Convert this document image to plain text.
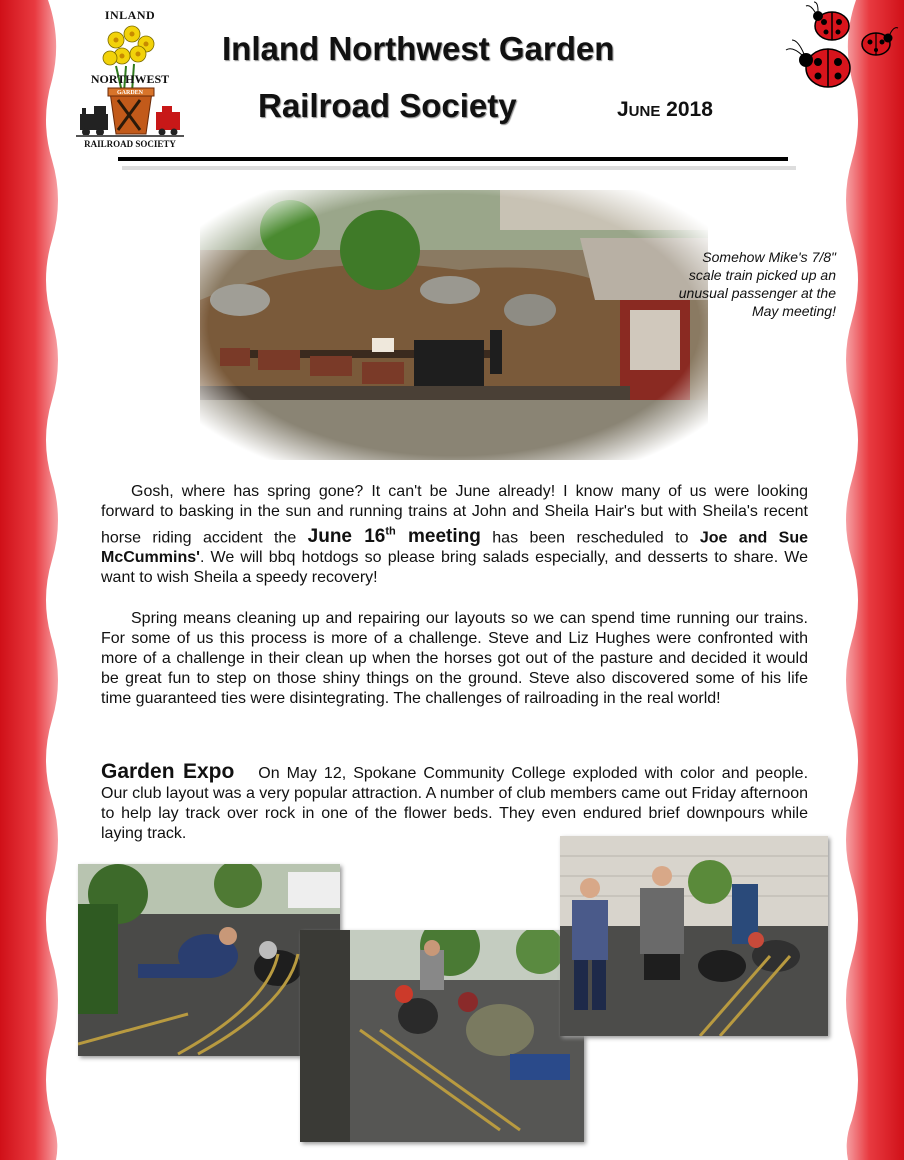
INLAND
NORTHWEST
GARDEN
RAILROAD SOCIETY
Inland Northwest Garden
Railroad Society	June 2018
Somehow Mike's 7/8" scale train picked up an unusual passenger at the May meeting!
Gosh, where has spring gone? It can't be June already! I know many of us were looking forward to basking in the sun and running trains at John and Sheila Hair's but with Sheila's recent horse riding accident the June 16th meeting has been rescheduled to Joe and Sue McCummins'. We will bbq hotdogs so please bring salads especially, and desserts to share. We want to wish Sheila a speedy recovery!
Spring means cleaning up and repairing our layouts so we can spend time running our trains. For some of us this process is more of a challenge. Steve and Liz Hughes were confronted with more of a challenge in their clean up when the horses got out of the pasture and decided it would be great fun to step on those shiny things on the ground. Steve also discovered some of his life time guaranteed ties were disintegrating. The challenges of railroading in the real world!
Garden Expo On May 12, Spokane Community College exploded with color and people. Our club layout was a very popular attraction. A number of club members came out Friday afternoon to help lay track over rock in one of the flower beds. They even endured brief downpours while laying track.
